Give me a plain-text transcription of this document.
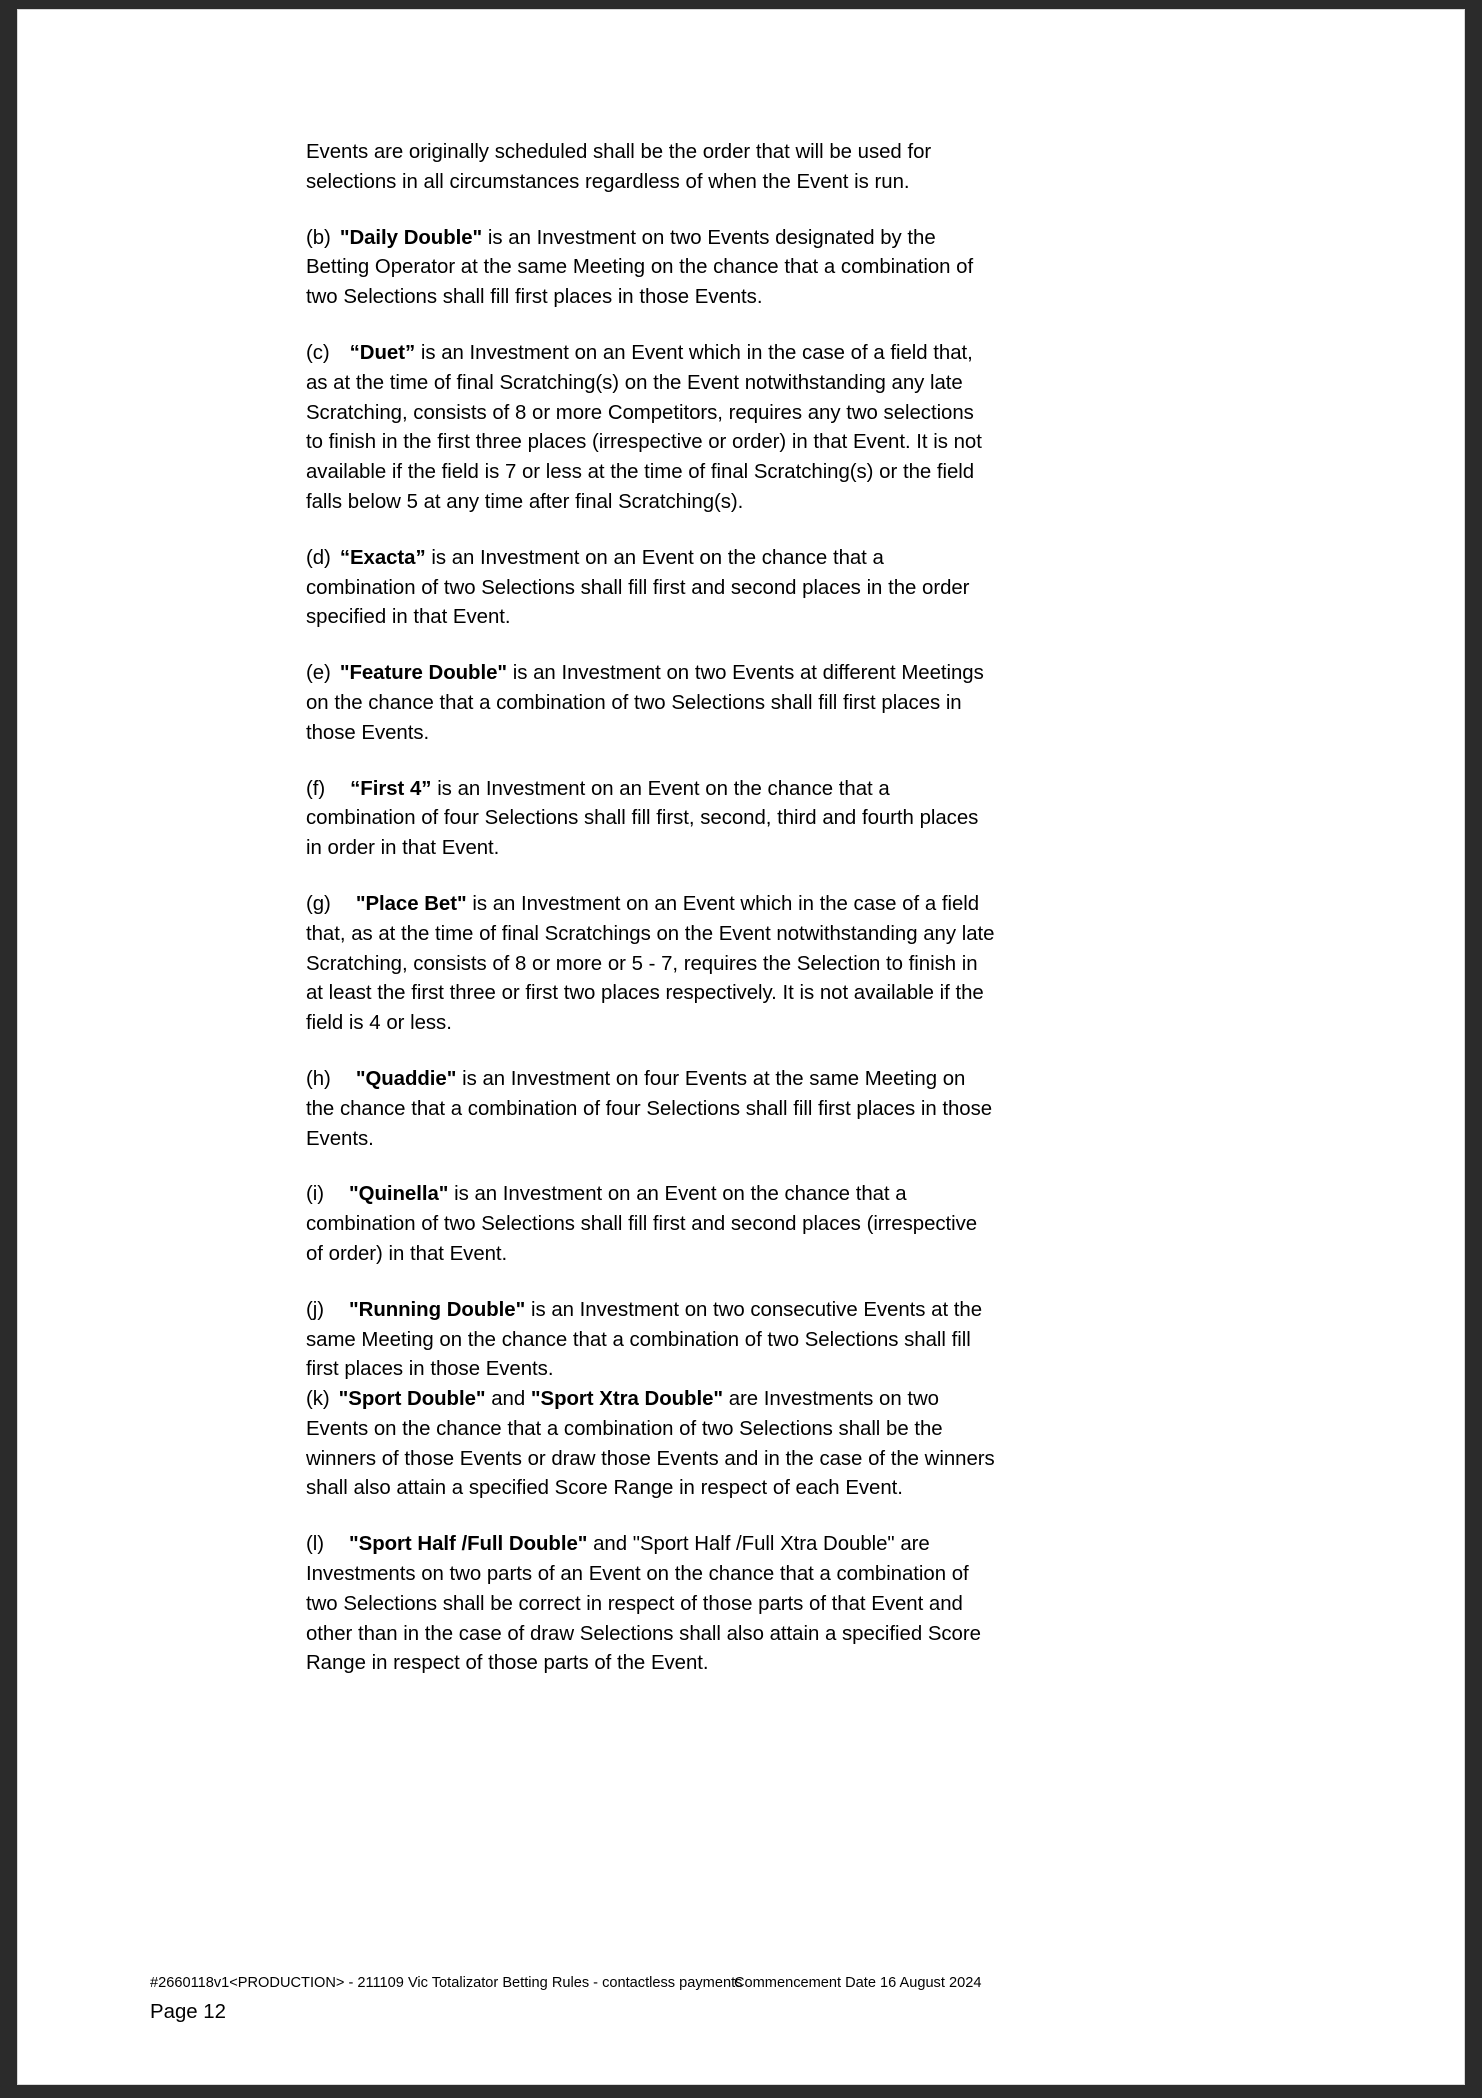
Events are originally scheduled shall be the order that will be used for selections in all circumstances regardless of when the Event is run.

(b) "Daily Double" is an Investment on two Events designated by the Betting Operator at the same Meeting on the chance that a combination of two Selections shall fill first places in those Events.

(c) “Duet” is an Investment on an Event which in the case of a field that, as at the time of final Scratching(s) on the Event notwithstanding any late Scratching, consists of 8 or more Competitors, requires any two selections to finish in the first three places (irrespective or order) in that Event. It is not available if the field is 7 or less at the time of final Scratching(s) or the field falls below 5 at any time after final Scratching(s).

(d) “Exacta” is an Investment on an Event on the chance that a combination of two Selections shall fill first and second places in the order specified in that Event.

(e) "Feature Double" is an Investment on two Events at different Meetings on the chance that a combination of two Selections shall fill first places in those Events.

(f) “First 4” is an Investment on an Event on the chance that a combination of four Selections shall fill first, second, third and fourth places in order in that Event.

(g) "Place Bet" is an Investment on an Event which in the case of a field that, as at the time of final Scratchings on the Event notwithstanding any late Scratching, consists of 8 or more or 5 - 7, requires the Selection to finish in at least the first three or first two places respectively. It is not available if the field is 4 or less.

(h) "Quaddie" is an Investment on four Events at the same Meeting on the chance that a combination of four Selections shall fill first places in those Events.

(i) "Quinella" is an Investment on an Event on the chance that a combination of two Selections shall fill first and second places (irrespective of order) in that Event.

(j) "Running Double" is an Investment on two consecutive Events at the same Meeting on the chance that a combination of two Selections shall fill first places in those Events.

(k) "Sport Double" and "Sport Xtra Double" are Investments on two Events on the chance that a combination of two Selections shall be the winners of those Events or draw those Events and in the case of the winners shall also attain a specified Score Range in respect of each Event.

(l) "Sport Half /Full Double" and "Sport Half /Full Xtra Double" are Investments on two parts of an Event on the chance that a combination of two Selections shall be correct in respect of those parts of that Event and other than in the case of draw Selections shall also attain a specified Score Range in respect of those parts of the Event.

#2660118v1<PRODUCTION> - 211109 Vic Totalizator Betting Rules - contactless payments
Commencement Date 16 August 2024
Page 12
